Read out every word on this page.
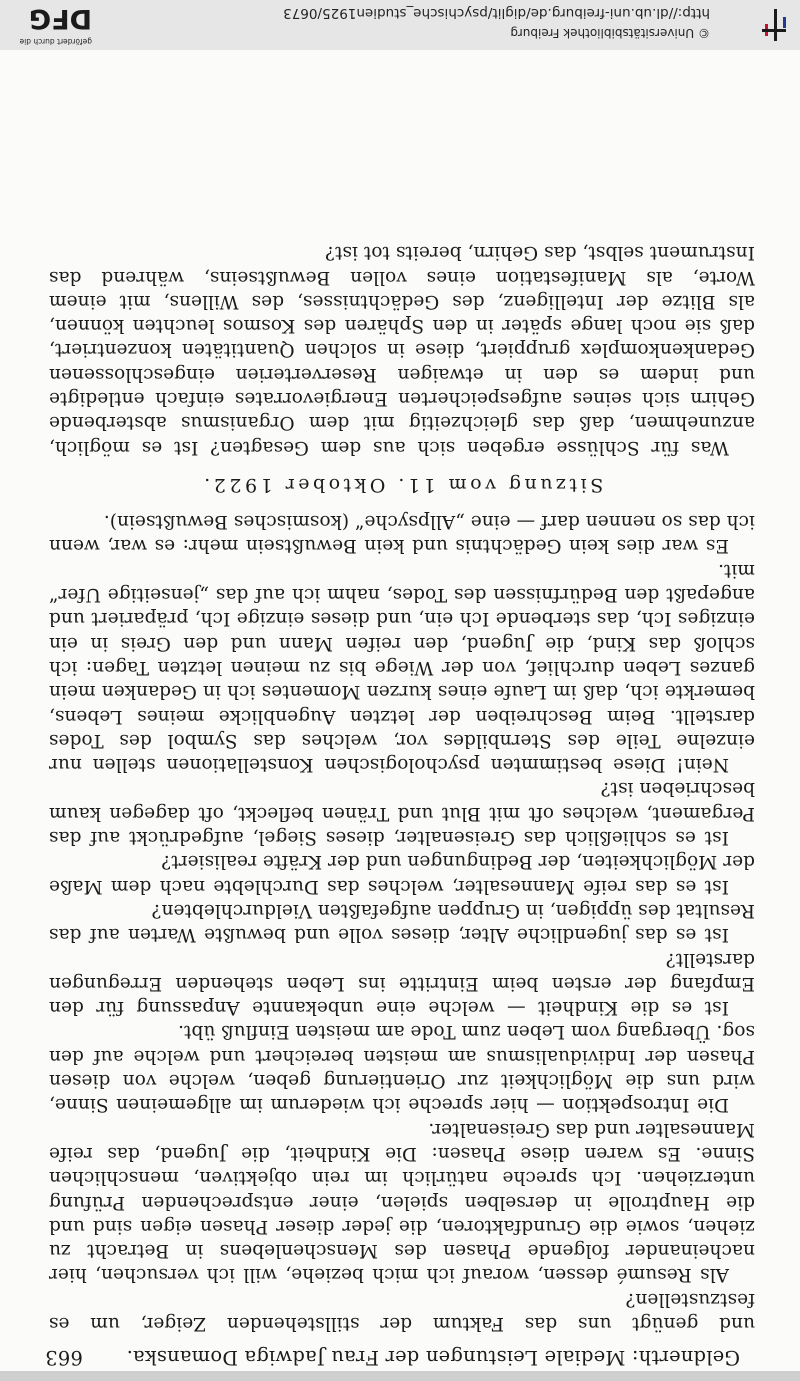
Geldnerth: Mediale Leistungen der Frau Jadwiga Domanska.
663

und genügt uns das Faktum der stillstehenden Zeiger, um es festzustellen?

Als Resumé dessen, worauf ich mich beziehe, will ich versuchen, hier nacheinander folgende Phasen des Menschenlebens in Betracht zu ziehen, sowie die Grundfaktoren, die jeder dieser Phasen eigen sind und die Hauptrolle in derselben spielen, einer entsprechenden Prüfung unterziehen. Ich spreche natürlich im rein objektiven, menschlichen Sinne. Es waren diese Phasen: Die Kindheit, die Jugend, das reife Mannesalter und das Greisenalter.

Die Introspektion — hier spreche ich wiederum im allgemeinen Sinne, wird uns die Möglichkeit zur Orientierung geben, welche von diesen Phasen der Individualismus am meisten bereichert und welche auf den sog. Übergang vom Leben zum Tode am meisten Einfluß übt.

Ist es die Kindheit — welche eine unbekannte Anpassung für den Empfang der ersten beim Eintritte ins Leben stehenden Erregungen darstellt?

Ist es das jugendliche Alter, dieses volle und bewußte Warten auf das Resultat des üppigen, in Gruppen aufgefaßten Vieldurchlebten?

Ist es das reife Mannesalter, welches das Durchlebte nach dem Maße der Möglichkeiten, der Bedingungen und der Kräfte realisiert?

Ist es schließlich das Greisenalter, dieses Siegel, aufgedrückt auf das Pergament, welches oft mit Blut und Tränen befleckt, oft dagegen kaum beschrieben ist?

Nein! Diese bestimmten psychologischen Konstellationen stellen nur einzelne Teile des Sternbildes vor, welches das Symbol des Todes darstellt. Beim Beschreiben der letzten Augenblicke meines Lebens, bemerkte ich, daß im Laufe eines kurzen Momentes ich in Gedanken mein ganzes Leben durchlief, von der Wiege bis zu meinen letzten Tagen: ich schloß das Kind, die Jugend, den reifen Mann und den Greis in ein einziges Ich, das sterbende Ich ein, und dieses einzige Ich, präpariert und angepaßt den Bedürfnissen des Todes, nahm ich auf das „jenseitige Ufer“ mit.

Es war dies kein Gedächtnis und kein Bewußtsein mehr: es war, wenn ich das so nennen darf — eine „Allpsyche“ (kosmisches Bewußtsein).

Sitzung vom 11. Oktober 1922.

Was für Schlüsse ergeben sich aus dem Gesagten? Ist es möglich, anzunehmen, daß das gleichzeitig mit dem Organismus absterbende Gehirn sich seines aufgespeicherten Energievorrates einfach entledigte und indem es den in etwaigen Reserverterien eingeschlossenen Gedankenkomplex gruppiert, diese in solchen Quantitäten konzentriert, daß sie noch lange später in den Sphären des Kosmos leuchten können, als Blitze der Intelligenz, des Gedächtnisses, des Willens, mit einem Worte, als Manifestation eines vollen Bewußtseins, während das Instrument selbst, das Gehirn, bereits tot ist?

© Universitätsbibliothek Freiburg
http://dl.ub.uni-freiburg.de/diglit/psychische_studien1925/0673
gefördert durch die
DFG
